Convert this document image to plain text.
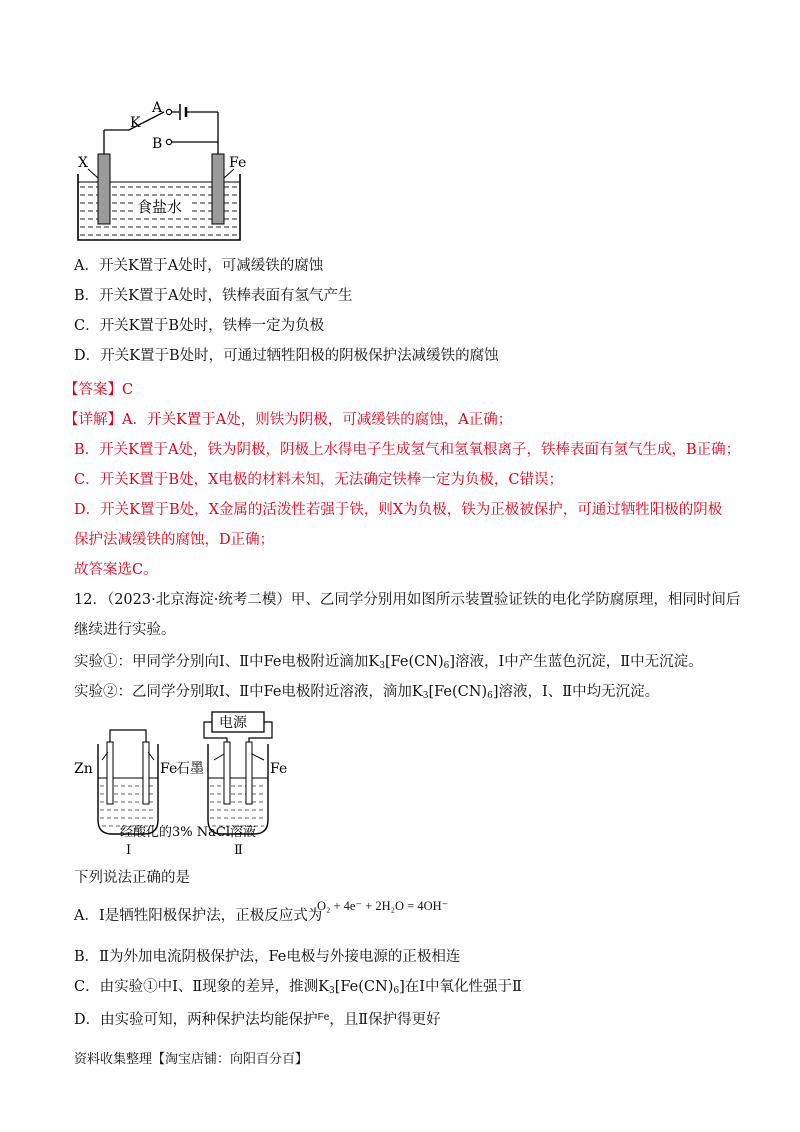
A
K
B
X	Fe
食盐水
A．开关K置于A处时，可减缓铁的腐蚀
B．开关K置于A处时，铁棒表面有氢气产生
C．开关K置于B处时，铁棒一定为负极
D．开关K置于B处时，可通过牺牲阳极的阴极保护法减缓铁的腐蚀
【答案】C
【详解】A．开关K置于A处，则铁为阴极，可减缓铁的腐蚀，A正确；
B．开关K置于A处，铁为阴极，阴极上水得电子生成氢气和氢氧根离子，铁棒表面有氢气生成，B正确；
C．开关K置于B处，X电极的材料未知，无法确定铁棒一定为负极，C错误；
D．开关K置于B处，X金属的活泼性若强于铁，则X为负极，铁为正极被保护，可通过牺牲阳极的阴极
保护法减缓铁的腐蚀，D正确；
故答案选C。
12．（2023·北京海淀·统考二模）甲、乙同学分别用如图所示装置验证铁的电化学防腐原理，相同时间后
继续进行实验。
实验①：甲同学分别向Ⅰ、Ⅱ中Fe电极附近滴加$K_3[Fe(CN)_6]$溶液，Ⅰ中产生蓝色沉淀，Ⅱ中无沉淀。
实验②：乙同学分别取Ⅰ、Ⅱ中Fe电极附近溶液，滴加$K_3[Fe(CN)_6]$溶液，Ⅰ、Ⅱ中均无沉淀。
Zn	Fe
电源
石墨	Fe
经酸化的3% NaCl溶液
Ⅰ	Ⅱ
下列说法正确的是
A．Ⅰ是牺牲阳极保护法，正极反应式为
O₂ + 4e⁻ + 2H₂O = 4OH⁻
B．Ⅱ为外加电流阴极保护法，Fe电极与外接电源的正极相连
C．由实验①中Ⅰ、Ⅱ现象的差异，推测$K_3[Fe(CN)_6]$在Ⅰ中氧化性强于Ⅱ
D．由实验可知，两种保护法均能保护$^{Fe}$，且Ⅱ保护得更好
资料收集整理【淘宝店铺：向阳百分百】
